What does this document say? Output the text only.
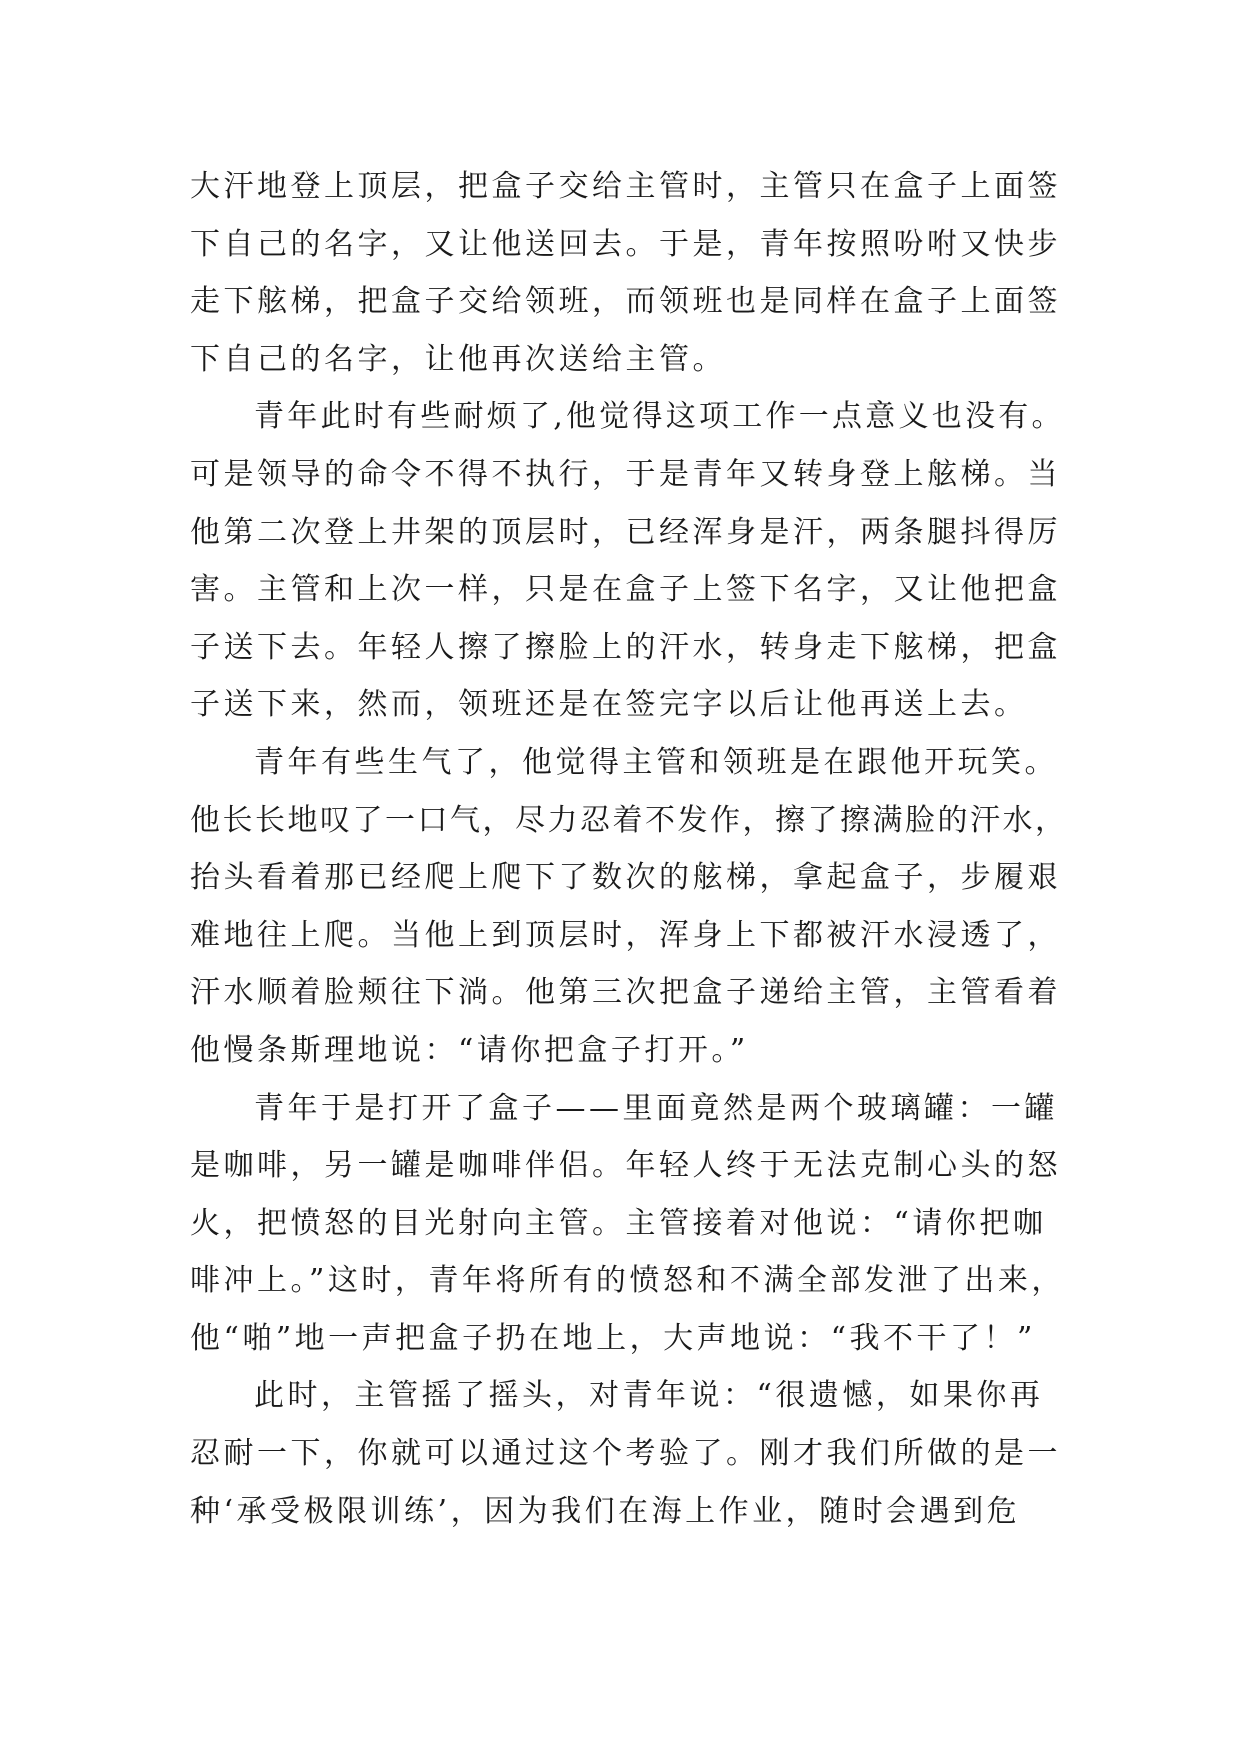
大汗地登上顶层，把盒子交给主管时，主管只在盒子上面签
下自己的名字，又让他送回去。于是，青年按照吩咐又快步
走下舷梯，把盒子交给领班，而领班也是同样在盒子上面签
下自己的名字，让他再次送给主管。
青年此时有些耐烦了,他觉得这项工作一点意义也没有。
可是领导的命令不得不执行，于是青年又转身登上舷梯。当
他第二次登上井架的顶层时，已经浑身是汗，两条腿抖得厉
害。主管和上次一样，只是在盒子上签下名字，又让他把盒
子送下去。年轻人擦了擦脸上的汗水，转身走下舷梯，把盒
子送下来，然而，领班还是在签完字以后让他再送上去。
青年有些生气了，他觉得主管和领班是在跟他开玩笑。
他长长地叹了一口气，尽力忍着不发作，擦了擦满脸的汗水，
抬头看着那已经爬上爬下了数次的舷梯，拿起盒子，步履艰
难地往上爬。当他上到顶层时，浑身上下都被汗水浸透了，
汗水顺着脸颊往下淌。他第三次把盒子递给主管，主管看着
他慢条斯理地说：“请你把盒子打开。”
青年于是打开了盒子——里面竟然是两个玻璃罐：一罐
是咖啡，另一罐是咖啡伴侣。年轻人终于无法克制心头的怒
火，把愤怒的目光射向主管。主管接着对他说：“请你把咖
啡冲上。”这时，青年将所有的愤怒和不满全部发泄了出来，
他“啪”地一声把盒子扔在地上，大声地说：“我不干了！”
此时，主管摇了摇头，对青年说：“很遗憾，如果你再
忍耐一下，你就可以通过这个考验了。刚才我们所做的是一
种‘承受极限训练’，因为我们在海上作业，随时会遇到危
